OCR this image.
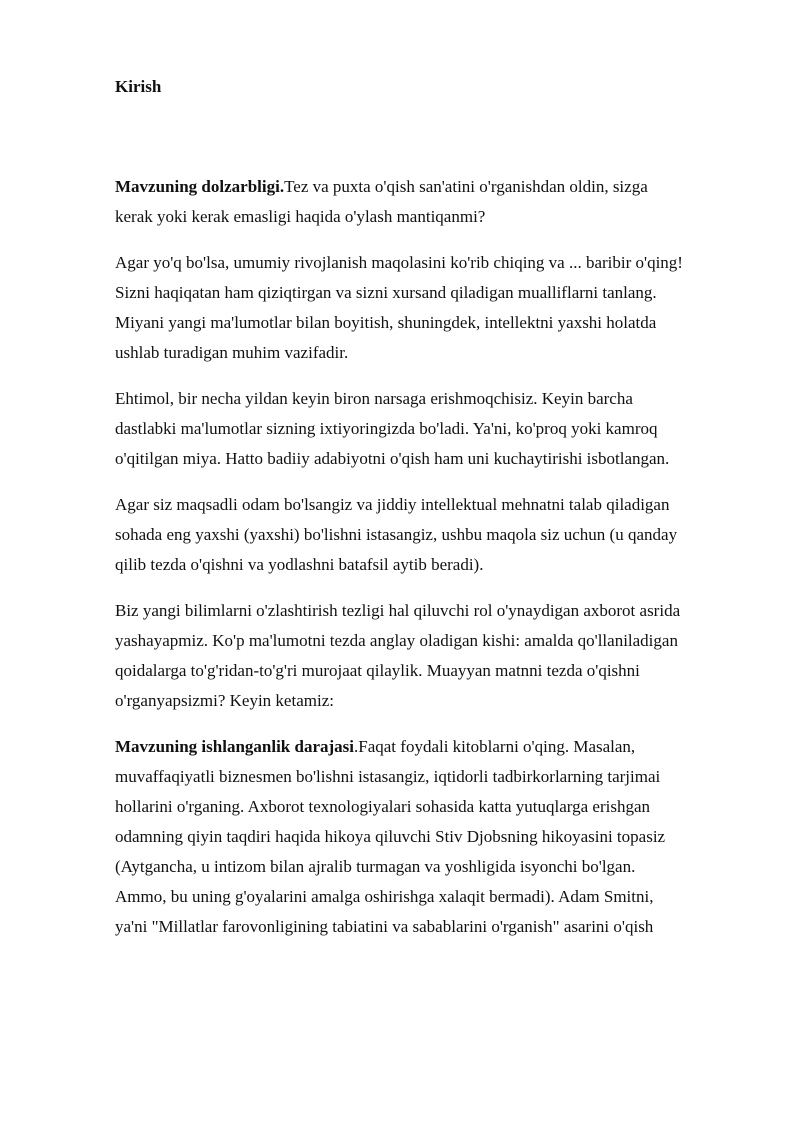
Kirish

Mavzuning dolzarbligi.Tez va puxta o'qish san'atini o'rganishdan oldin, sizga
kerak yoki kerak emasligi haqida o'ylash mantiqanmi?

Agar yo'q bo'lsa, umumiy rivojlanish maqolasini ko'rib chiqing va ... baribir o'qing!
Sizni haqiqatan ham qiziqtirgan va sizni xursand qiladigan mualliflarni tanlang.
Miyani yangi ma'lumotlar bilan boyitish, shuningdek, intellektni yaxshi holatda
ushlab turadigan muhim vazifadir.

Ehtimol, bir necha yildan keyin biron narsaga erishmoqchisiz. Keyin barcha
dastlabki ma'lumotlar sizning ixtiyoringizda bo'ladi. Ya'ni, ko'proq yoki kamroq
o'qitilgan miya. Hatto badiiy adabiyotni o'qish ham uni kuchaytirishi isbotlangan.

Agar siz maqsadli odam bo'lsangiz va jiddiy intellektual mehnatni talab qiladigan
sohada eng yaxshi (yaxshi) bo'lishni istasangiz, ushbu maqola siz uchun (u qanday
qilib tezda o'qishni va yodlashni batafsil aytib beradi).

Biz yangi bilimlarni o'zlashtirish tezligi hal qiluvchi rol o'ynaydigan axborot asrida
yashayapmiz. Ko'p ma'lumotni tezda anglay oladigan kishi: amalda qo'llaniladigan
qoidalarga to'g'ridan-to'g'ri murojaat qilaylik. Muayyan matnni tezda o'qishni
o'rganyapsizmi? Keyin ketamiz:

Mavzuning ishlanganlik darajasi.Faqat foydali kitoblarni o'qing. Masalan,
muvaffaqiyatli biznesmen bo'lishni istasangiz, iqtidorli tadbirkorlarning tarjimai
hollarini o'rganing. Axborot texnologiyalari sohasida katta yutuqlarga erishgan
odamning qiyin taqdiri haqida hikoya qiluvchi Stiv Djobsning hikoyasini topasiz
(Aytgancha, u intizom bilan ajralib turmagan va yoshligida isyonchi bo'lgan.
Ammo, bu uning g'oyalarini amalga oshirishga xalaqit bermadi). Adam Smitni,
ya'ni "Millatlar farovonligining tabiatini va sabablarini o'rganish" asarini o'qish
